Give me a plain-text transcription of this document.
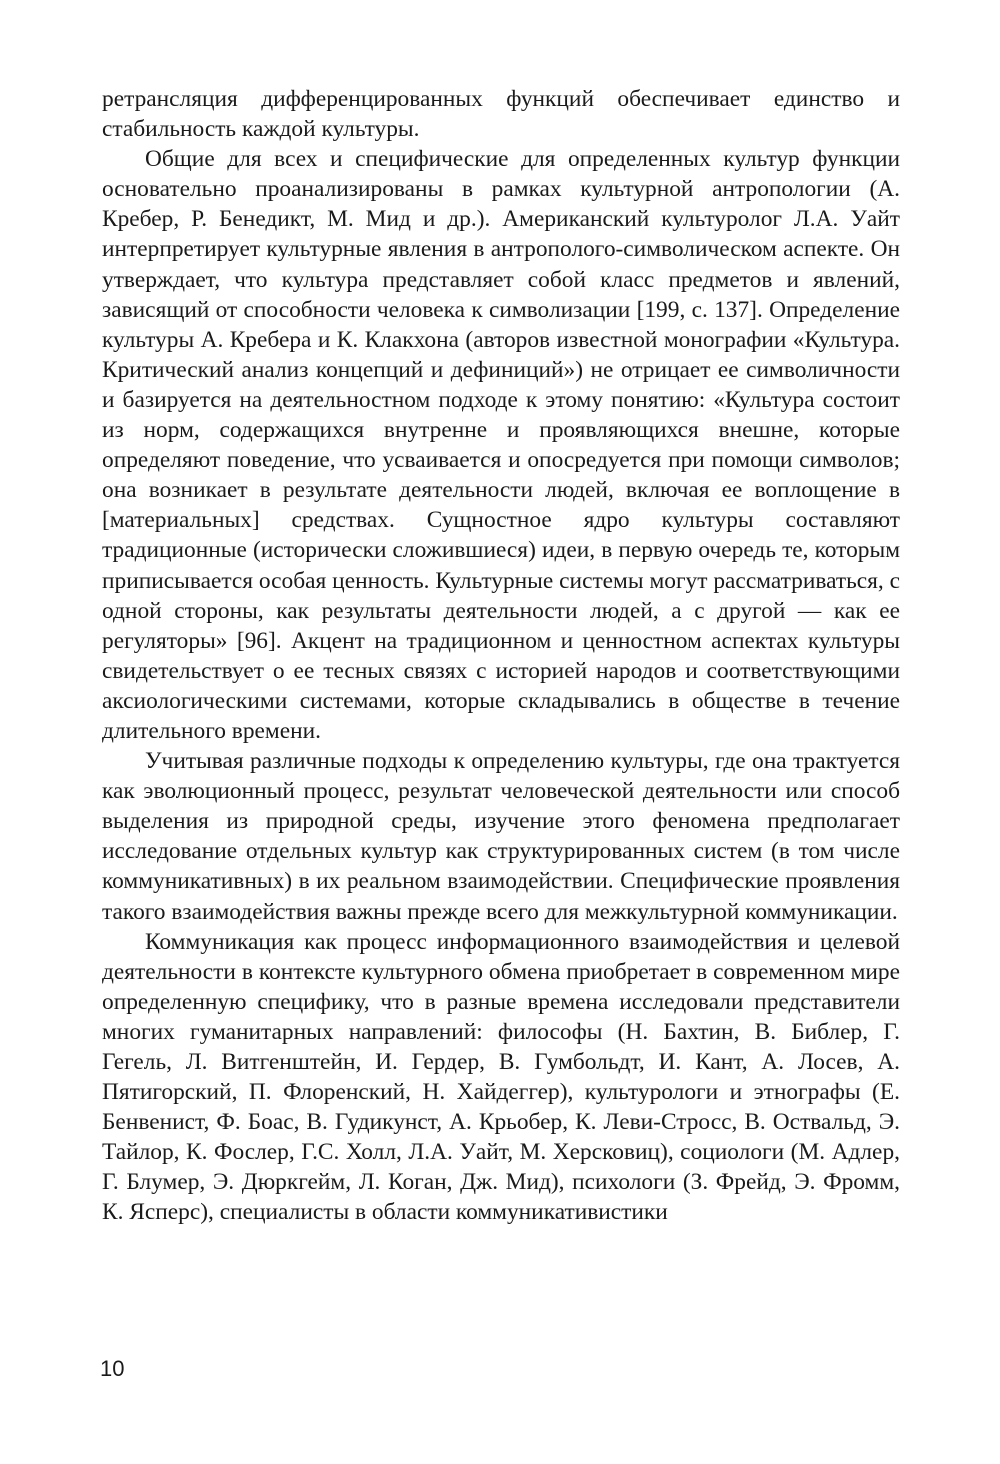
ретрансляция дифференцированных функций обеспечивает единство и стабильность каждой культуры.

Общие для всех и специфические для определенных культур функции основательно проанализированы в рамках культурной антропологии (А. Кребер, Р. Бенедикт, М. Мид и др.). Американский культуролог Л.А. Уайт интерпретирует культурные явления в антрополого-символическом аспекте. Он утверждает, что культура представляет собой класс предметов и явлений, зависящий от способности человека к символизации [199, с. 137]. Определение культуры А. Кребера и К. Клакхона (авторов известной монографии «Культура. Критический анализ концепций и дефиниций») не отрицает ее символичности и базируется на деятельностном подходе к этому понятию: «Культура состоит из норм, содержащихся внутренне и проявляющихся внешне, которые определяют поведение, что усваивается и опосредуется при помощи символов; она возникает в результате деятельности людей, включая ее воплощение в [материальных] средствах. Сущностное ядро культуры составляют традиционные (исторически сложившиеся) идеи, в первую очередь те, которым приписывается особая ценность. Культурные системы могут рассматриваться, с одной стороны, как результаты деятельности людей, а с другой — как ее регуляторы» [96]. Акцент на традиционном и ценностном аспектах культуры свидетельствует о ее тесных связях с историей народов и соответствующими аксиологическими системами, которые складывались в обществе в течение длительного времени.

Учитывая различные подходы к определению культуры, где она трактуется как эволюционный процесс, результат человеческой деятельности или способ выделения из природной среды, изучение этого феномена предполагает исследование отдельных культур как структурированных систем (в том числе коммуникативных) в их реальном взаимодействии. Специфические проявления такого взаимодействия важны прежде всего для межкультурной коммуникации.

Коммуникация как процесс информационного взаимодействия и целевой деятельности в контексте культурного обмена приобретает в современном мире определенную специфику, что в разные времена исследовали представители многих гуманитарных направлений: философы (Н. Бахтин, В. Библер, Г. Гегель, Л. Витгенштейн, И. Гердер, В. Гумбольдт, И. Кант, А. Лосев, А. Пятигорский, П. Флоренский, Н. Хайдеггер), культурологи и этнографы (Е. Бенвенист, Ф. Боас, В. Гудикунст, А. Крьобер, К. Леви-Стросс, В. Оствальд, Э. Тайлор, К. Фослер, Г.С. Холл, Л.А. Уайт, М. Херсковиц), социологи (М. Адлер, Г. Блумер, Э. Дюркгейм, Л. Коган, Дж. Мид), психологи (З. Фрейд, Э. Фромм, К. Ясперс), специалисты в области коммуникативистики

10
